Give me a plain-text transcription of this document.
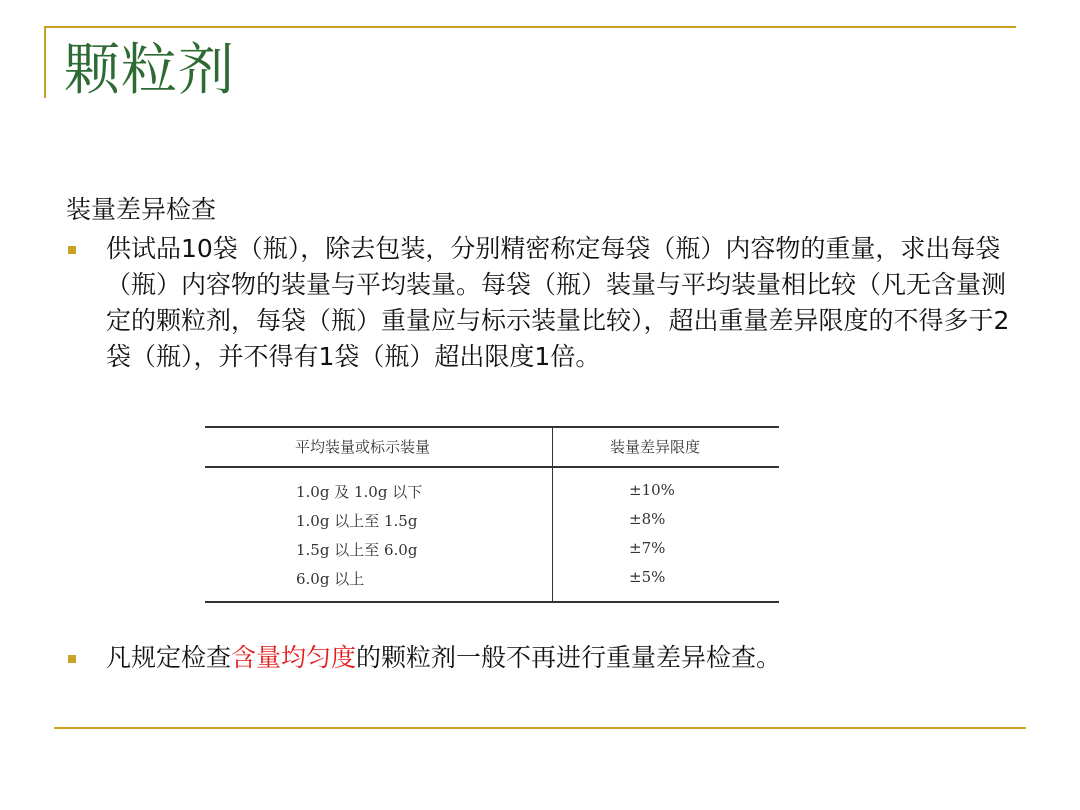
颗粒剂
装量差异检查
供试品10袋（瓶），除去包装，分别精密称定每袋（瓶）内容物的重量，求出每袋（瓶）内容物的装量与平均装量。每袋（瓶）装量与平均装量相比较（凡无含量测定的颗粒剂，每袋（瓶）重量应与标示装量比较），超出重量差异限度的不得多于2袋（瓶），并不得有1袋（瓶）超出限度1倍。
平均装量或标示装量	装量差异限度
1.0g 及 1.0g 以下	±10%
1.0g 以上至 1.5g	±8%
1.5g 以上至 6.0g	±7%
6.0g 以上	±5%
凡规定检查含量均匀度的颗粒剂一般不再进行重量差异检查。
